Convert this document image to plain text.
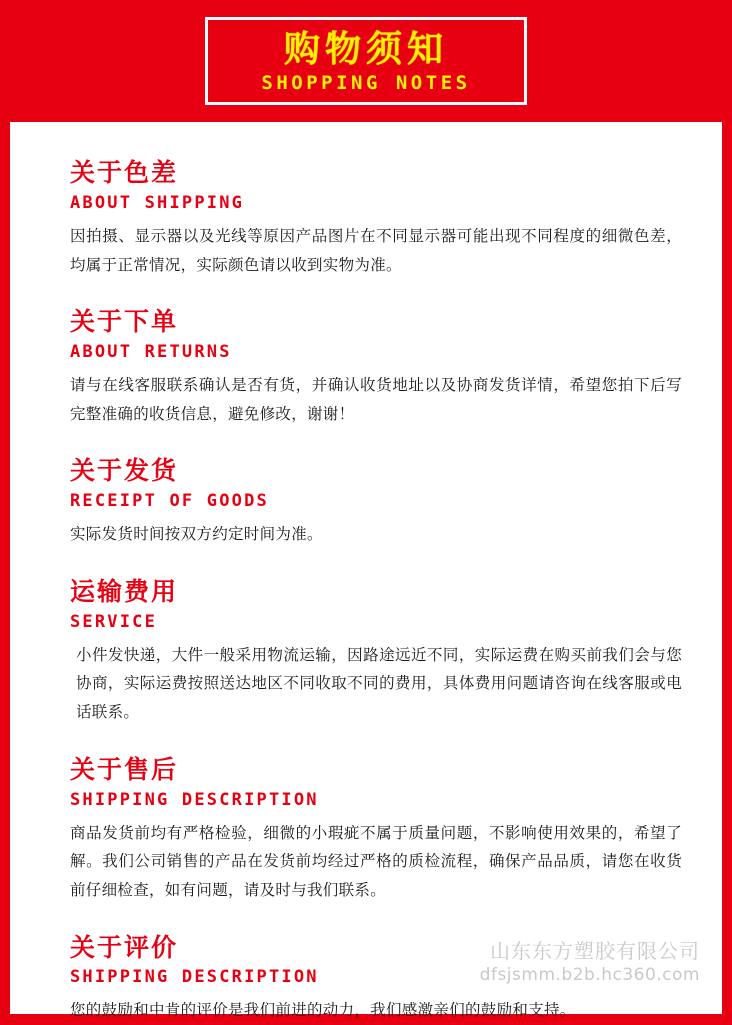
购物须知
SHOPPING NOTES
关于色差
ABOUT SHIPPING
因拍摄、显示器以及光线等原因产品图片在不同显示器可能出现不同程度的细微色差，均属于正常情况，实际颜色请以收到实物为准。
关于下单
ABOUT RETURNS
请与在线客服联系确认是否有货，并确认收货地址以及协商发货详情，希望您拍下后写完整准确的收货信息，避免修改，谢谢！
关于发货
RECEIPT OF GOODS
实际发货时间按双方约定时间为准。
运输费用
SERVICE
小件发快递，大件一般采用物流运输，因路途远近不同，实际运费在购买前我们会与您协商，实际运费按照送达地区不同收取不同的费用，具体费用问题请咨询在线客服或电话联系。
关于售后
SHIPPING DESCRIPTION
商品发货前均有严格检验，细微的小瑕疵不属于质量问题，不影响使用效果的，希望了解。我们公司销售的产品在发货前均经过严格的质检流程，确保产品品质，请您在收货前仔细检查，如有问题，请及时与我们联系。
关于评价
SHIPPING DESCRIPTION
您的鼓励和中肯的评价是我们前进的动力，我们感激亲们的鼓励和支持。
山东东方塑胶有限公司
dfsjsmm.b2b.hc360.com
